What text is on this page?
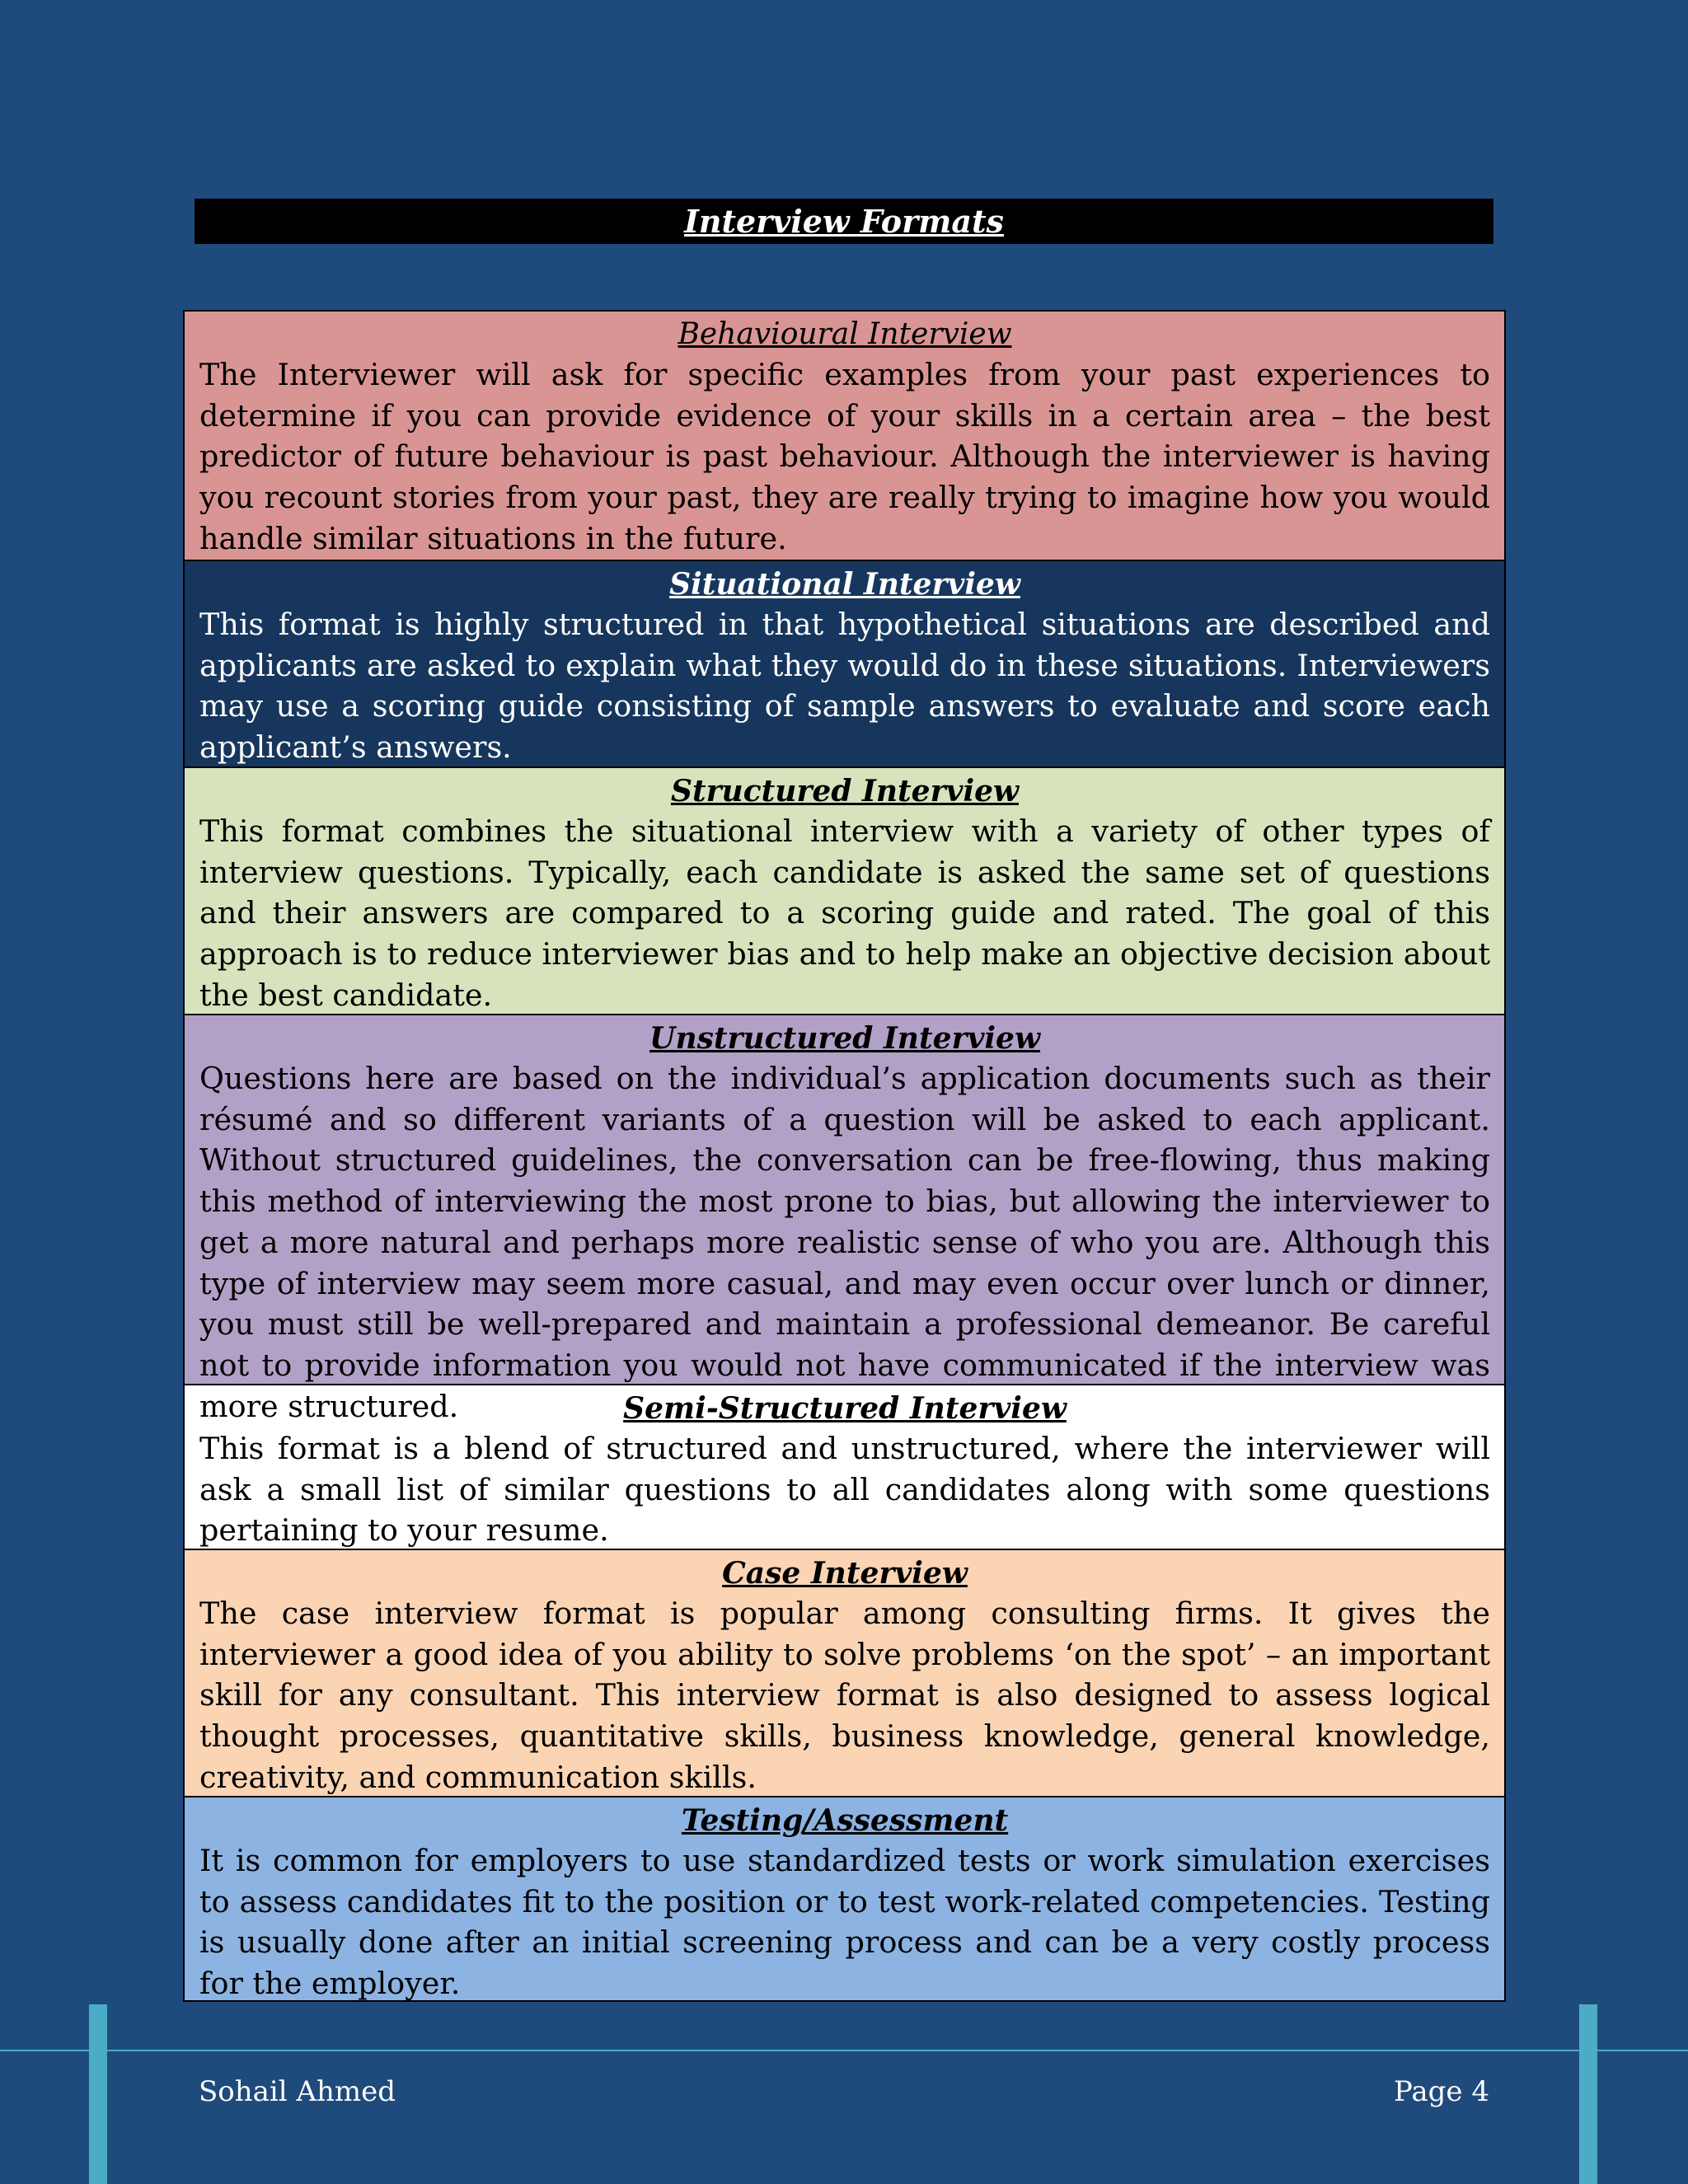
Interview Formats
Behavioural Interview

The Interviewer will ask for specific examples from your past experiences to determine if you can provide evidence of your skills in a certain area – the best predictor of future behaviour is past behaviour. Although the interviewer is having you recount stories from your past, they are really trying to imagine how you would handle similar situations in the future.

Situational Interview

This format is highly structured in that hypothetical situations are described and applicants are asked to explain what they would do in these situations. Interviewers may use a scoring guide consisting of sample answers to evaluate and score each applicant’s answers.

Structured Interview

This format combines the situational interview with a variety of other types of interview questions. Typically, each candidate is asked the same set of questions and their answers are compared to a scoring guide and rated. The goal of this approach is to reduce interviewer bias and to help make an objective decision about the best candidate.

Unstructured Interview

Questions here are based on the individual’s application documents such as their résumé and so different variants of a question will be asked to each applicant. Without structured guidelines, the conversation can be free-flowing, thus making this method of interviewing the most prone to bias, but allowing the interviewer to get a more natural and perhaps more realistic sense of who you are. Although this type of interview may seem more casual, and may even occur over lunch or dinner, you must still be well-prepared and maintain a professional demeanor. Be careful not to provide information you would not have communicated if the interview was more structured.	Semi-Structured Interview

This format is a blend of structured and unstructured, where the interviewer will ask a small list of similar questions to all candidates along with some questions pertaining to your resume.

Case Interview

The case interview format is popular among consulting firms. It gives the interviewer a good idea of you ability to solve problems ‘on the spot’ – an important skill for any consultant. This interview format is also designed to assess logical thought processes, quantitative skills, business knowledge, general knowledge, creativity, and communication skills.

Testing/Assessment

It is common for employers to use standardized tests or work simulation exercises to assess candidates fit to the position or to test work-related competencies. Testing is usually done after an initial screening process and can be a very costly process for the employer.

Sohail Ahmed	Page 4
